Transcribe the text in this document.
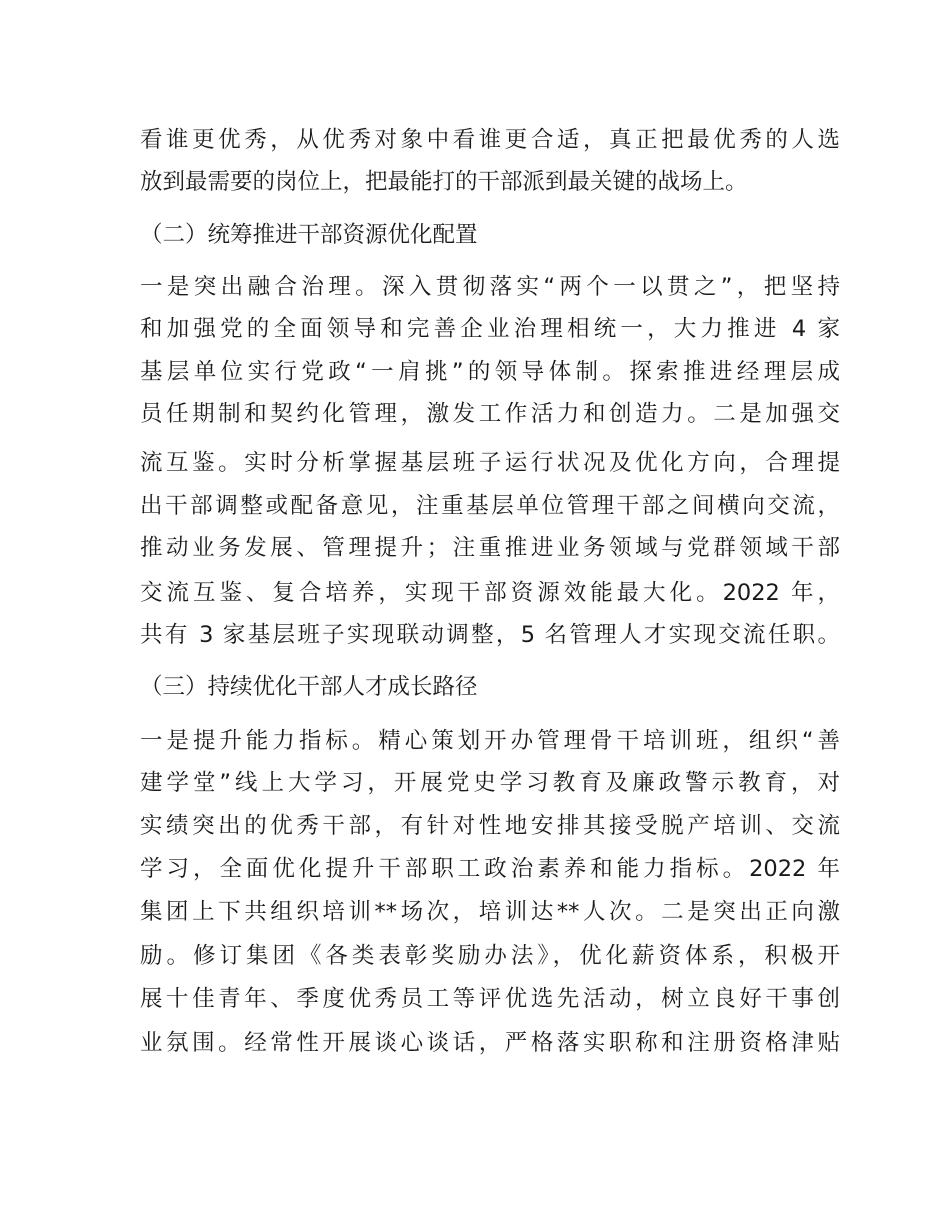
看谁更优秀，从优秀对象中看谁更合适，真正把最优秀的人选
放到最需要的岗位上，把最能打的干部派到最关键的战场上。
（二）统筹推进干部资源优化配置
一是突出融合治理。深入贯彻落实“两个一以贯之”，把坚持
和加强党的全面领导和完善企业治理相统一，大力推进 4 家
基层单位实行党政“一肩挑”的领导体制。探索推进经理层成
员任期制和契约化管理，激发工作活力和创造力。二是加强交
流互鉴。实时分析掌握基层班子运行状况及优化方向，合理提
出干部调整或配备意见，注重基层单位管理干部之间横向交流，
推动业务发展、管理提升；注重推进业务领域与党群领域干部
交流互鉴、复合培养，实现干部资源效能最大化。2022 年，
共有 3 家基层班子实现联动调整，5 名管理人才实现交流任职。
（三）持续优化干部人才成长路径
一是提升能力指标。精心策划开办管理骨干培训班，组织“善
建学堂”线上大学习，开展党史学习教育及廉政警示教育，对
实绩突出的优秀干部，有针对性地安排其接受脱产培训、交流
学习，全面优化提升干部职工政治素养和能力指标。2022 年
集团上下共组织培训**场次，培训达**人次。二是突出正向激
励。修订集团《各类表彰奖励办法》，优化薪资体系，积极开
展十佳青年、季度优秀员工等评优选先活动，树立良好干事创
业氛围。经常性开展谈心谈话，严格落实职称和注册资格津贴
